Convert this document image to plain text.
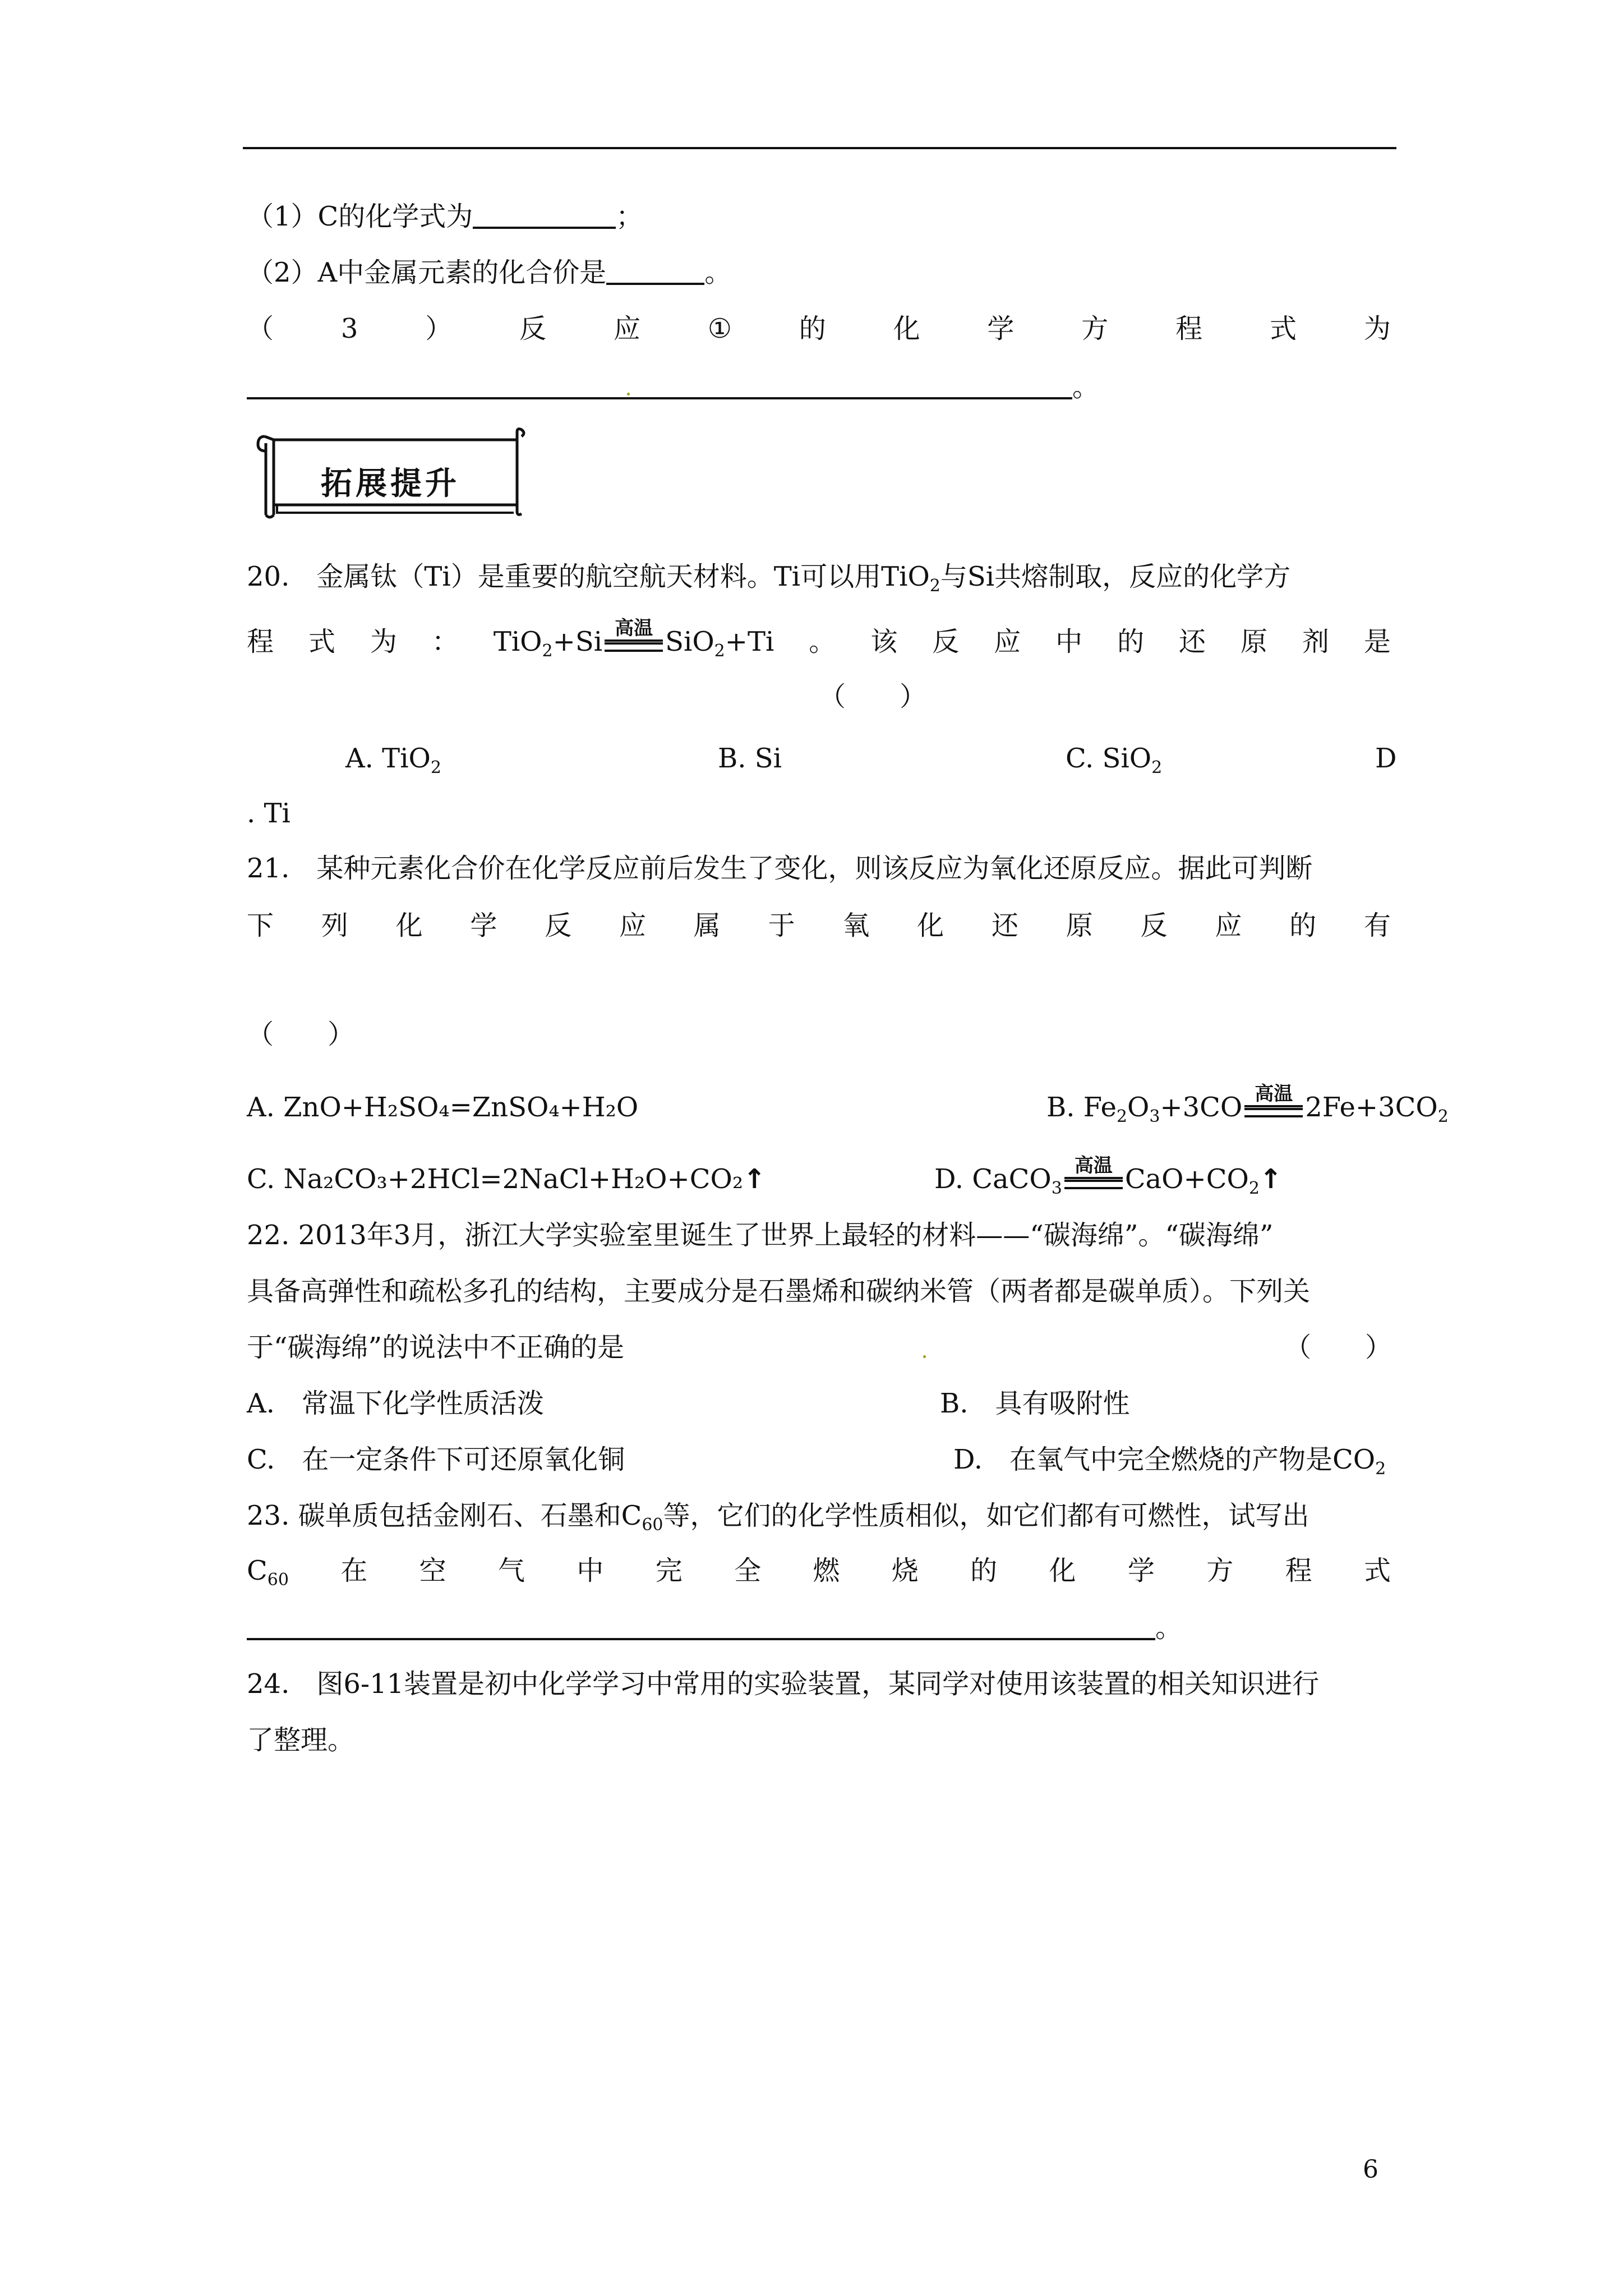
（1）C的化学式为	；
（2）A中金属元素的化合价是	。
（ 3 ） 反 应 ① 的 化 学 方 程 式 为
。
拓展提升
20.　金属钛（Ti）是重要的航空航天材料。Ti可以用TiO$_2$与Si共熔制取，反应的化学方
程 式 为 ： TiO$_2$+Si 高温 SiO$_2$+Ti 。 该 反 应 中 的 还 原 剂 是
（　　）
A. TiO$_2$	B. Si	C. SiO$_2$	D
. Ti
21.　某种元素化合价在化学反应前后发生了变化，则该反应为氧化还原反应。据此可判断
下 列 化 学 反 应 属 于 氧 化 还 原 反 应 的 有
（　　）
A. ZnO+H₂SO₄=ZnSO₄+H₂O	B. $Fe_2O_3+3CO$ 高温 $2Fe+3CO_2$
C. Na₂CO₃+2HCl=2NaCl+H₂O+CO₂↑	D. CaCO$_3$
高温 $CaO+CO_2↑$
22. 2013年3月，浙江大学实验室里诞生了世界上最轻的材料——“碳海绵”。“碳海绵”
具备高弹性和疏松多孔的结构，主要成分是石墨烯和碳纳米管（两者都是碳单质）。下列关
于“碳海绵”的说法中不正确的是	（　　）
A.　常温下化学性质活泼	B.　具有吸附性
C.　在一定条件下可还原氧化铜	D.　在氧气中完全燃烧的产物是$CO_2$
23. 碳单质包括金刚石、石墨和$C_{60}$等，它们的化学性质相似，如它们都有可燃性，试写出
$C_{60}$ 在 空 气 中 完 全 燃 烧 的 化 学 方 程 式
。
24.　图6-11装置是初中化学学习中常用的实验装置，某同学对使用该装置的相关知识进行
了整理。
6
